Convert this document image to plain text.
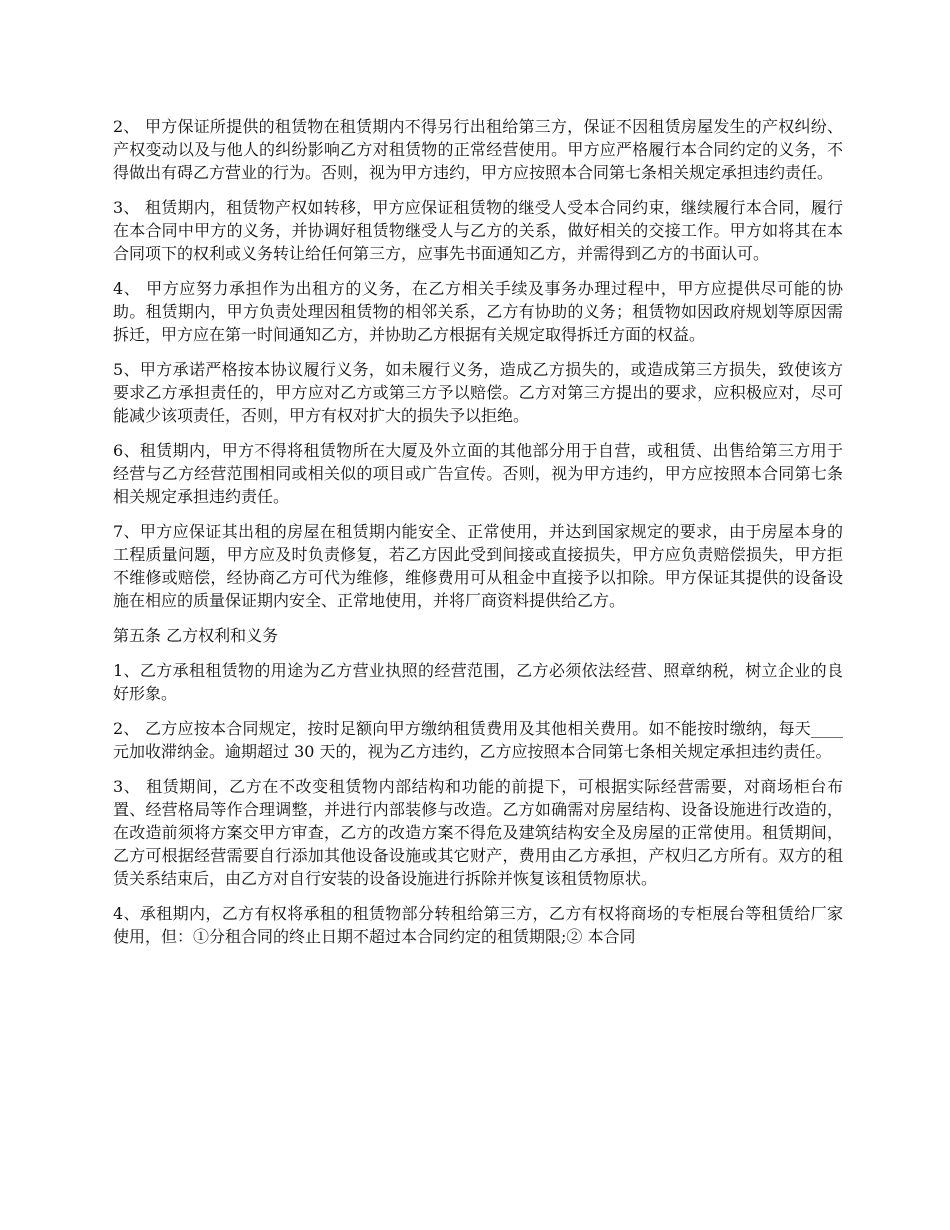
2、 甲方保证所提供的租赁物在租赁期内不得另行出租给第三方，保证不因租赁房屋发生的产权纠纷、产权变动以及与他人的纠纷影响乙方对租赁物的正常经营使用。甲方应严格履行本合同约定的义务，不得做出有碍乙方营业的行为。否则，视为甲方违约，甲方应按照本合同第七条相关规定承担违约责任。

3、 租赁期内，租赁物产权如转移，甲方应保证租赁物的继受人受本合同约束，继续履行本合同，履行在本合同中甲方的义务，并协调好租赁物继受人与乙方的关系，做好相关的交接工作。甲方如将其在本合同项下的权利或义务转让给任何第三方，应事先书面通知乙方，并需得到乙方的书面认可。

4、 甲方应努力承担作为出租方的义务，在乙方相关手续及事务办理过程中，甲方应提供尽可能的协助。租赁期内，甲方负责处理因租赁物的相邻关系，乙方有协助的义务；租赁物如因政府规划等原因需拆迁，甲方应在第一时间通知乙方，并协助乙方根据有关规定取得拆迁方面的权益。

5、甲方承诺严格按本协议履行义务，如未履行义务，造成乙方损失的，或造成第三方损失，致使该方要求乙方承担责任的，甲方应对乙方或第三方予以赔偿。乙方对第三方提出的要求，应积极应对，尽可能减少该项责任，否则，甲方有权对扩大的损失予以拒绝。

6、租赁期内，甲方不得将租赁物所在大厦及外立面的其他部分用于自营，或租赁、出售给第三方用于经营与乙方经营范围相同或相关似的项目或广告宣传。否则，视为甲方违约，甲方应按照本合同第七条相关规定承担违约责任。

7、甲方应保证其出租的房屋在租赁期内能安全、正常使用，并达到国家规定的要求，由于房屋本身的工程质量问题，甲方应及时负责修复，若乙方因此受到间接或直接损失，甲方应负责赔偿损失，甲方拒不维修或赔偿，经协商乙方可代为维修，维修费用可从租金中直接予以扣除。甲方保证其提供的设备设施在相应的质量保证期内安全、正常地使用，并将厂商资料提供给乙方。

第五条 乙方权利和义务

1、乙方承租租赁物的用途为乙方营业执照的经营范围，乙方必须依法经营、照章纳税，树立企业的良好形象。

2、 乙方应按本合同规定，按时足额向甲方缴纳租赁费用及其他相关费用。如不能按时缴纳，每天____元加收滞纳金。逾期超过 30 天的，视为乙方违约，乙方应按照本合同第七条相关规定承担违约责任。

3、 租赁期间，乙方在不改变租赁物内部结构和功能的前提下，可根据实际经营需要，对商场柜台布置、经营格局等作合理调整，并进行内部装修与改造。乙方如确需对房屋结构、设备设施进行改造的，在改造前须将方案交甲方审查，乙方的改造方案不得危及建筑结构安全及房屋的正常使用。租赁期间，乙方可根据经营需要自行添加其他设备设施或其它财产，费用由乙方承担，产权归乙方所有。双方的租赁关系结束后，由乙方对自行安装的设备设施进行拆除并恢复该租赁物原状。

4、承租期内，乙方有权将承租的租赁物部分转租给第三方，乙方有权将商场的专柜展台等租赁给厂家使用，但：①分租合同的终止日期不超过本合同约定的租赁期限;② 本合同
